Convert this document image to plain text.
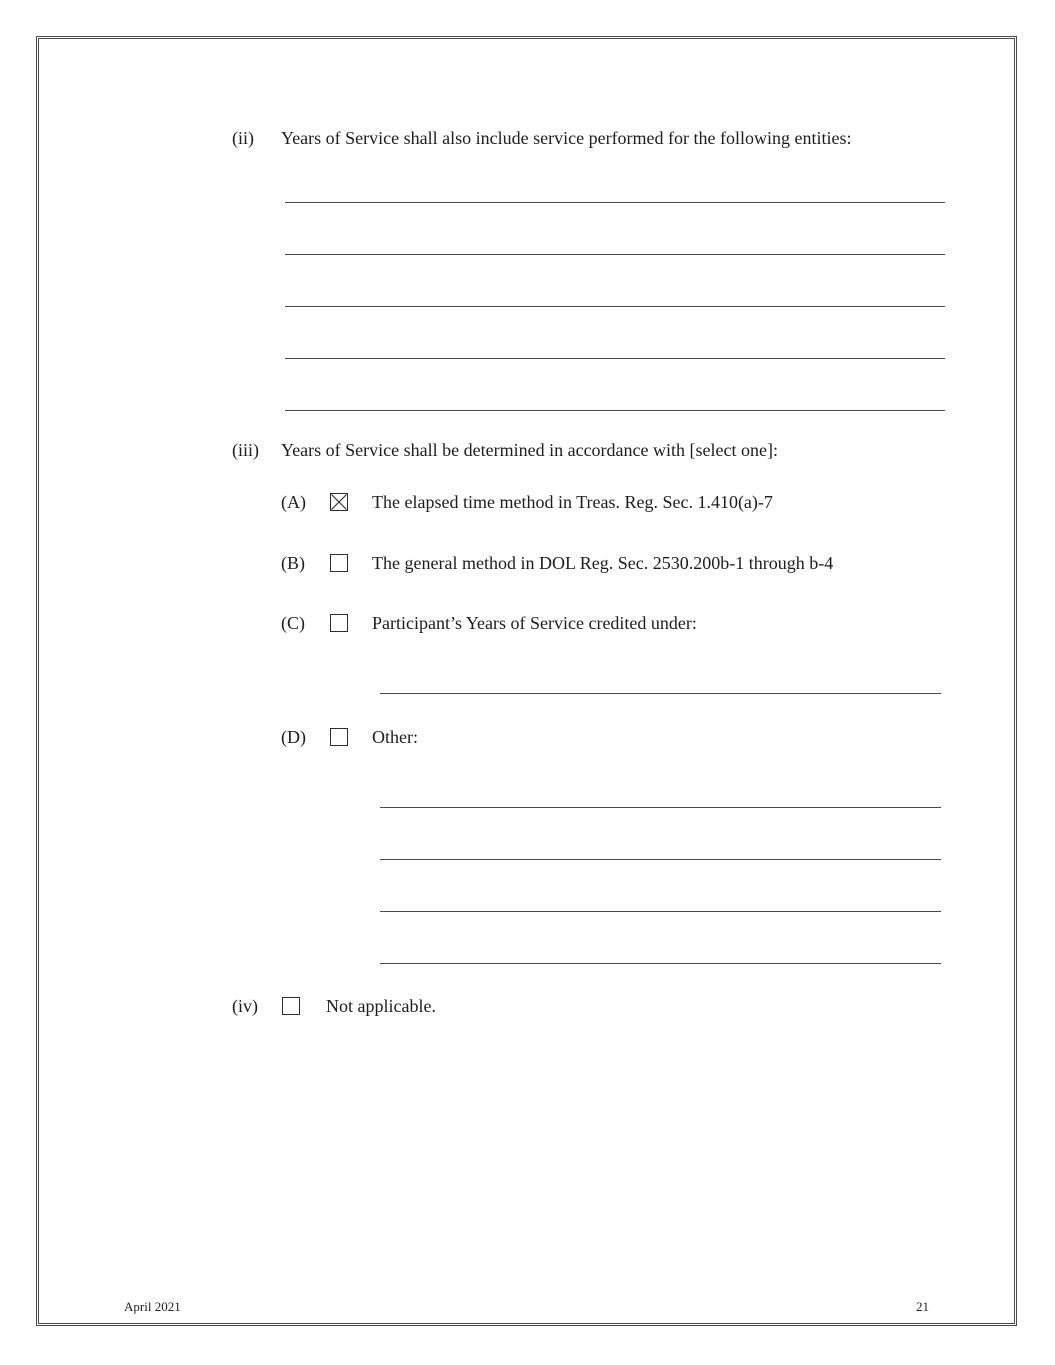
(ii)	Years of Service shall also include service performed for the following entities:
(iii)	Years of Service shall be determined in accordance with [select one]:
(A)	The elapsed time method in Treas. Reg. Sec. 1.410(a)-7
(B)	The general method in DOL Reg. Sec. 2530.200b-1 through b-4
(C)	Participant’s Years of Service credited under:
(D)	Other:
(iv)	Not applicable.
April 2021	21
